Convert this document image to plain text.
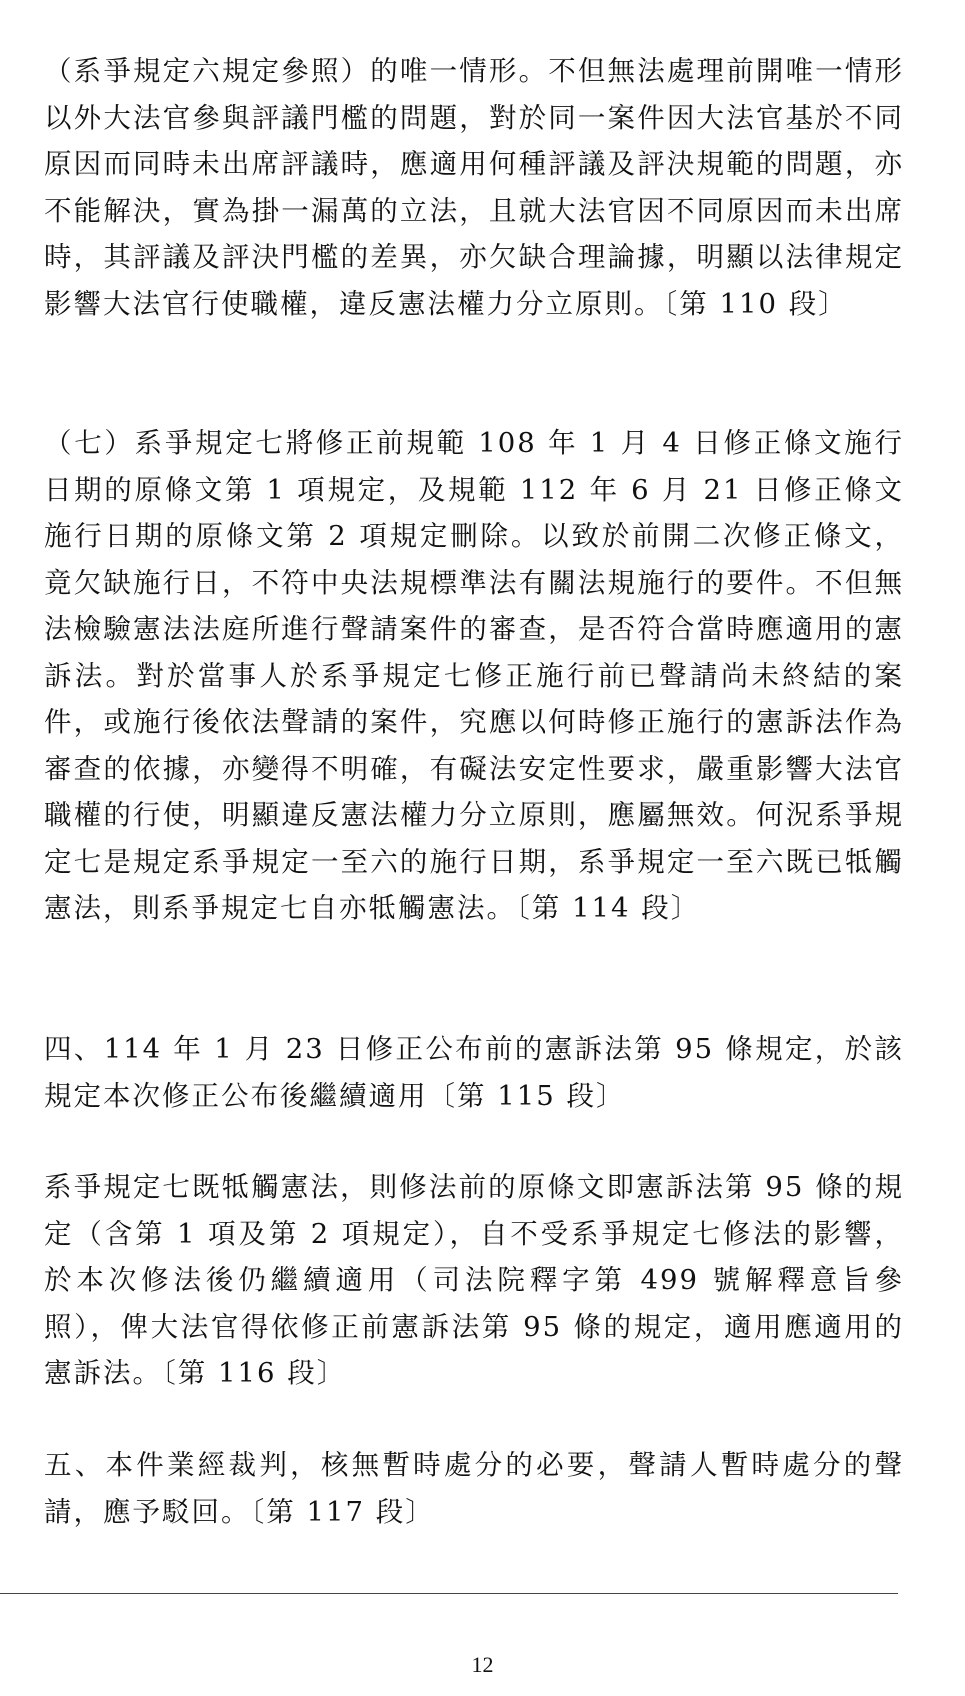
（系爭規定六規定參照）的唯一情形。不但無法處理前開唯一情形以外大法官參與評議門檻的問題，對於同一案件因大法官基於不同原因而同時未出席評議時，應適用何種評議及評決規範的問題，亦不能解決，實為掛一漏萬的立法，且就大法官因不同原因而未出席時，其評議及評決門檻的差異，亦欠缺合理論據，明顯以法律規定影響大法官行使職權，違反憲法權力分立原則。〔第 110 段〕

（七）系爭規定七將修正前規範 108 年 1 月 4 日修正條文施行日期的原條文第 1 項規定，及規範 112 年 6 月 21 日修正條文施行日期的原條文第 2 項規定刪除。以致於前開二次修正條文，竟欠缺施行日，不符中央法規標準法有關法規施行的要件。不但無法檢驗憲法法庭所進行聲請案件的審查，是否符合當時應適用的憲訴法。對於當事人於系爭規定七修正施行前已聲請尚未終結的案件，或施行後依法聲請的案件，究應以何時修正施行的憲訴法作為審查的依據，亦變得不明確，有礙法安定性要求，嚴重影響大法官職權的行使，明顯違反憲法權力分立原則，應屬無效。何況系爭規定七是規定系爭規定一至六的施行日期，系爭規定一至六既已牴觸憲法，則系爭規定七自亦牴觸憲法。〔第 114 段〕

四、114 年 1 月 23 日修正公布前的憲訴法第 95 條規定，於該規定本次修正公布後繼續適用〔第 115 段〕

系爭規定七既牴觸憲法，則修法前的原條文即憲訴法第 95 條的規定（含第 1 項及第 2 項規定），自不受系爭規定七修法的影響，於本次修法後仍繼續適用（司法院釋字第 499 號解釋意旨參照），俾大法官得依修正前憲訴法第 95 條的規定，適用應適用的憲訴法。〔第 116 段〕

五、本件業經裁判，核無暫時處分的必要，聲請人暫時處分的聲請，應予駁回。〔第 117 段〕

12
